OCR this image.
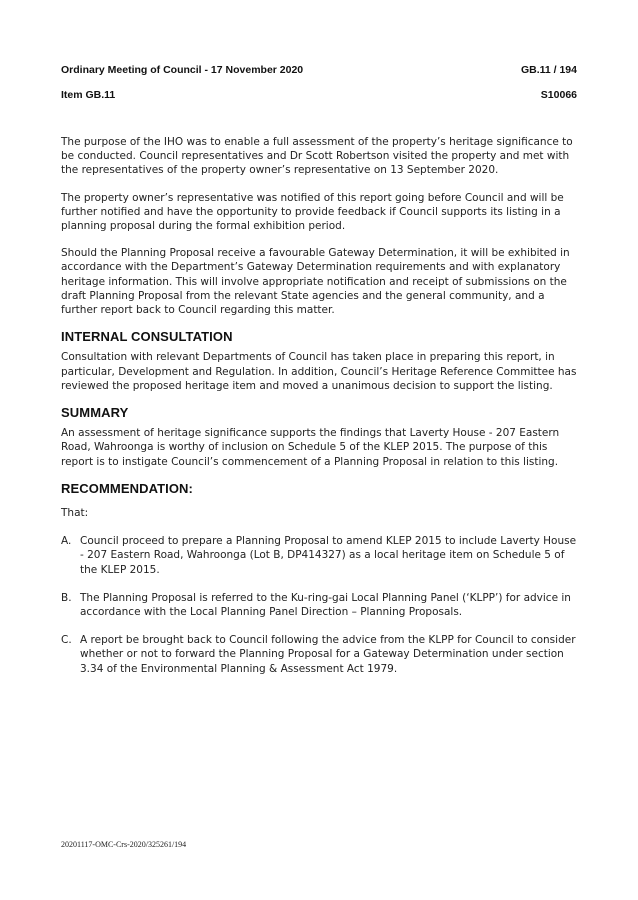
Ordinary Meeting of Council - 17 November 2020	GB.11 / 194
Item GB.11	S10066

The purpose of the IHO was to enable a full assessment of the property’s heritage significance to be conducted. Council representatives and Dr Scott Robertson visited the property and met with the representatives of the property owner’s representative on 13 September 2020.

The property owner’s representative was notified of this report going before Council and will be further notified and have the opportunity to provide feedback if Council supports its listing in a planning proposal during the formal exhibition period.

Should the Planning Proposal receive a favourable Gateway Determination, it will be exhibited in accordance with the Department’s Gateway Determination requirements and with explanatory heritage information. This will involve appropriate notification and receipt of submissions on the draft Planning Proposal from the relevant State agencies and the general community, and a further report back to Council regarding this matter.

INTERNAL CONSULTATION

Consultation with relevant Departments of Council has taken place in preparing this report, in particular, Development and Regulation. In addition, Council’s Heritage Reference Committee has reviewed the proposed heritage item and moved a unanimous decision to support the listing.

SUMMARY

An assessment of heritage significance supports the findings that Laverty House - 207 Eastern Road, Wahroonga is worthy of inclusion on Schedule 5 of the KLEP 2015. The purpose of this report is to instigate Council’s commencement of a Planning Proposal in relation to this listing.

RECOMMENDATION:

That:

A. Council proceed to prepare a Planning Proposal to amend KLEP 2015 to include Laverty House - 207 Eastern Road, Wahroonga (Lot B, DP414327) as a local heritage item on Schedule 5 of the KLEP 2015.
B. The Planning Proposal is referred to the Ku-ring-gai Local Planning Panel (‘KLPP’) for advice in accordance with the Local Planning Panel Direction – Planning Proposals.
C. A report be brought back to Council following the advice from the KLPP for Council to consider whether or not to forward the Planning Proposal for a Gateway Determination under section 3.34 of the Environmental Planning & Assessment Act 1979.
20201117-OMC-Crs-2020/325261/194
